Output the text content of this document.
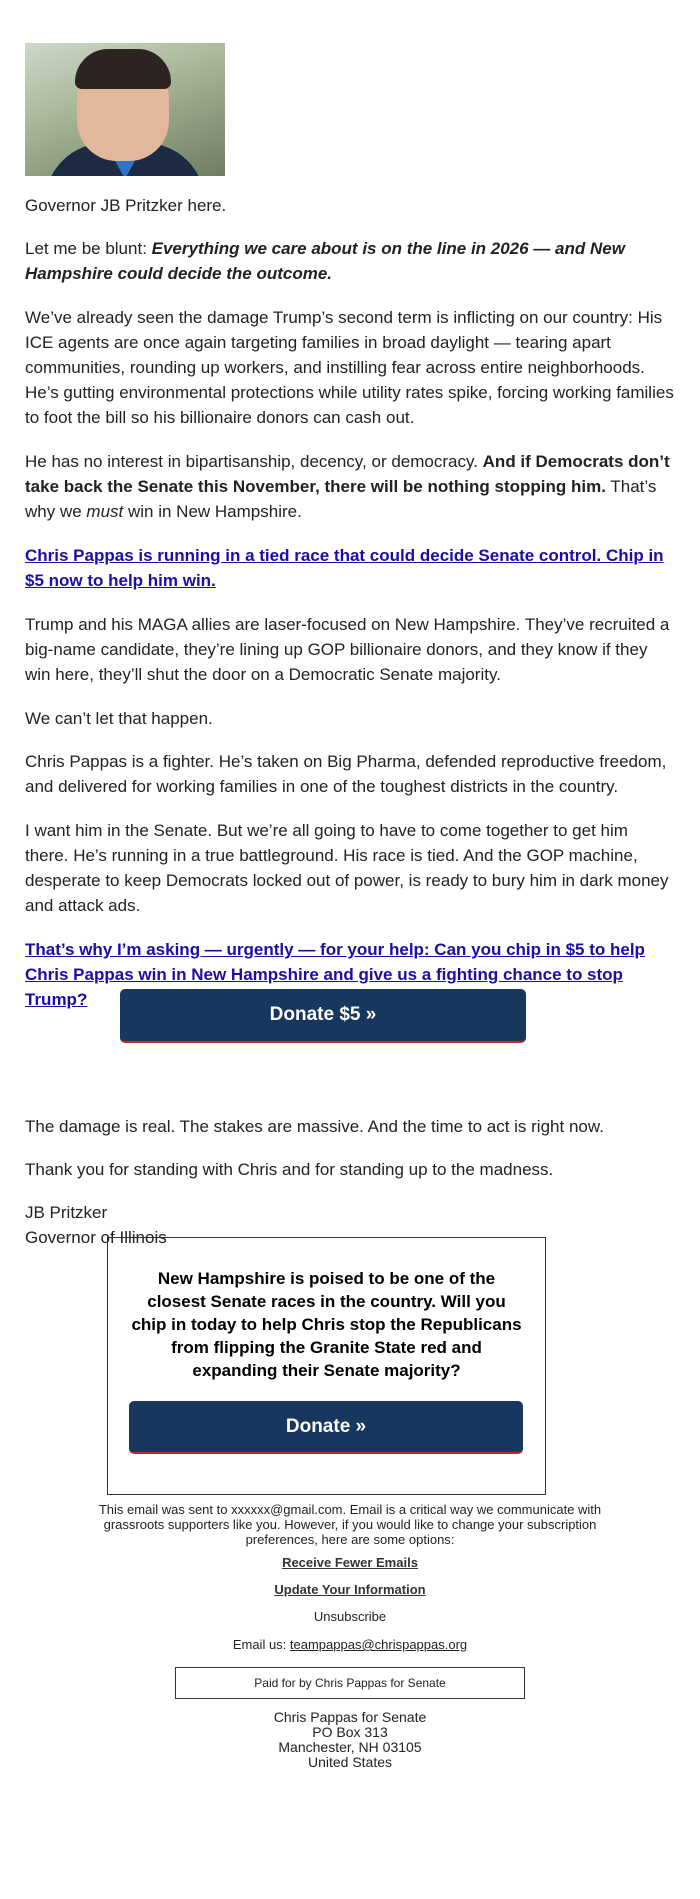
Governor JB Pritzker here.

Let me be blunt: Everything we care about is on the line in 2026 — and New Hampshire could decide the outcome.

We’ve already seen the damage Trump’s second term is inflicting on our country: His ICE agents are once again targeting families in broad daylight — tearing apart communities, rounding up workers, and instilling fear across entire neighborhoods. He’s gutting environmental protections while utility rates spike, forcing working families to foot the bill so his billionaire donors can cash out.

He has no interest in bipartisanship, decency, or democracy. And if Democrats don’t take back the Senate this November, there will be nothing stopping him. That’s why we must win in New Hampshire.

Chris Pappas is running in a tied race that could decide Senate control. Chip in $5 now to help him win.

Trump and his MAGA allies are laser-focused on New Hampshire. They’ve recruited a big-name candidate, they’re lining up GOP billionaire donors, and they know if they win here, they’ll shut the door on a Democratic Senate majority.

We can’t let that happen.

Chris Pappas is a fighter. He’s taken on Big Pharma, defended reproductive freedom, and delivered for working families in one of the toughest districts in the country.

I want him in the Senate. But we’re all going to have to come together to get him there. He’s running in a true battleground. His race is tied. And the GOP machine, desperate to keep Democrats locked out of power, is ready to bury him in dark money and attack ads.

That’s why I’m asking — urgently — for your help: Can you chip in $5 to help Chris Pappas win in New Hampshire and give us a fighting chance to stop Trump?

The damage is real. The stakes are massive. And the time to act is right now.

Thank you for standing with Chris and for standing up to the madness.

JB Pritzker
Governor of Illinois

Donate $5 »
New Hampshire is poised to be one of the closest Senate races in the country. Will you chip in today to help Chris stop the Republicans from flipping the Granite State red and expanding their Senate majority?
Donate »
This email was sent to xxxxxx@gmail.com. Email is a critical way we communicate with grassroots supporters like you. However, if you would like to change your subscription preferences, here are some options:
Receive Fewer Emails
Update Your Information
Unsubscribe
Email us: teampappas@chrispappas.org
Paid for by Chris Pappas for Senate
Chris Pappas for Senate
PO Box 313
Manchester, NH 03105
United States
